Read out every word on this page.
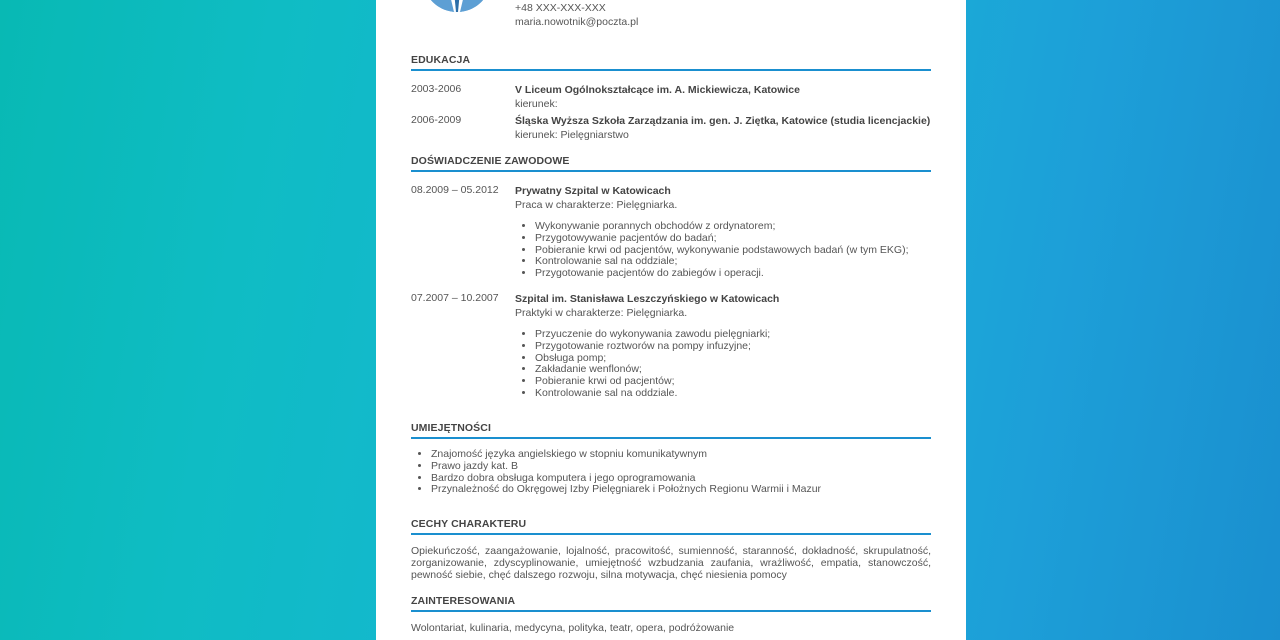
+48 XXX-XXX-XXX
maria.nowotnik@poczta.pl
EDUKACJA
2003-2006	V Liceum Ogólnokształcące im. A. Mickiewicza, Katowice
kierunek:
2006-2009	Śląska Wyższa Szkoła Zarządzania im. gen. J. Ziętka, Katowice (studia licencjackie)
kierunek: Pielęgniarstwo
DOŚWIADCZENIE ZAWODOWE
08.2009 – 05.2012 Prywatny Szpital w Katowicach
Praca w charakterze: Pielęgniarka.
• Wykonywanie porannych obchodów z ordynatorem;
• Przygotowywanie pacjentów do badań;
• Pobieranie krwi od pacjentów, wykonywanie podstawowych badań (w tym EKG);
• Kontrolowanie sal na oddziale;
• Przygotowanie pacjentów do zabiegów i operacji.
07.2007 – 10.2007 Szpital im. Stanisława Leszczyńskiego w Katowicach
Praktyki w charakterze: Pielęgniarka.
• Przyuczenie do wykonywania zawodu pielęgniarki;
• Przygotowanie roztworów na pompy infuzyjne;
• Obsługa pomp;
• Zakładanie wenflonów;
• Pobieranie krwi od pacjentów;
• Kontrolowanie sal na oddziale.
UMIEJĘTNOŚCI
• Znajomość języka angielskiego w stopniu komunikatywnym
• Prawo jazdy kat. B
• Bardzo dobra obsługa komputera i jego oprogramowania
• Przynależność do Okręgowej Izby Pielęgniarek i Położnych Regionu Warmii i Mazur
CECHY CHARAKTERU
Opiekuńczość, zaangażowanie, lojalność, pracowitość, sumienność, staranność, dokładność, skrupulatność, zorganizowanie, zdyscyplinowanie, umiejętność wzbudzania zaufania, wrażliwość, empatia, stanowczość, pewność siebie, chęć dalszego rozwoju, silna motywacja, chęć niesienia pomocy
ZAINTERESOWANIA
Wolontariat, kulinaria, medycyna, polityka, teatr, opera, podróżowanie
